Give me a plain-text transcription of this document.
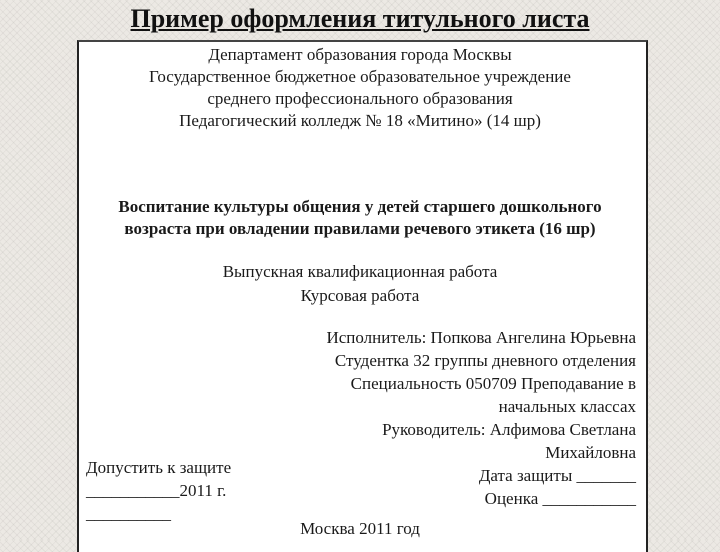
Пример оформления титульного листа
Департамент образования города Москвы
Государственное бюджетное образовательное учреждение
среднего профессионального образования
Педагогический колледж № 18 «Митино» (14 шр)
Воспитание культуры общения у детей старшего дошкольного
возраста при овладении правилами речевого этикета (16 шр)
Выпускная квалификационная работа
Курсовая работа
Исполнитель: Попкова Ангелина Юрьевна
Студентка 32 группы дневного отделения
Специальность 050709 Преподавание в
начальных классах
Руководитель: Алфимова Светлана
Михайловна
Дата защиты _______
Оценка ___________
Допустить к защите
___________2011 г.
__________
Москва 2011 год
